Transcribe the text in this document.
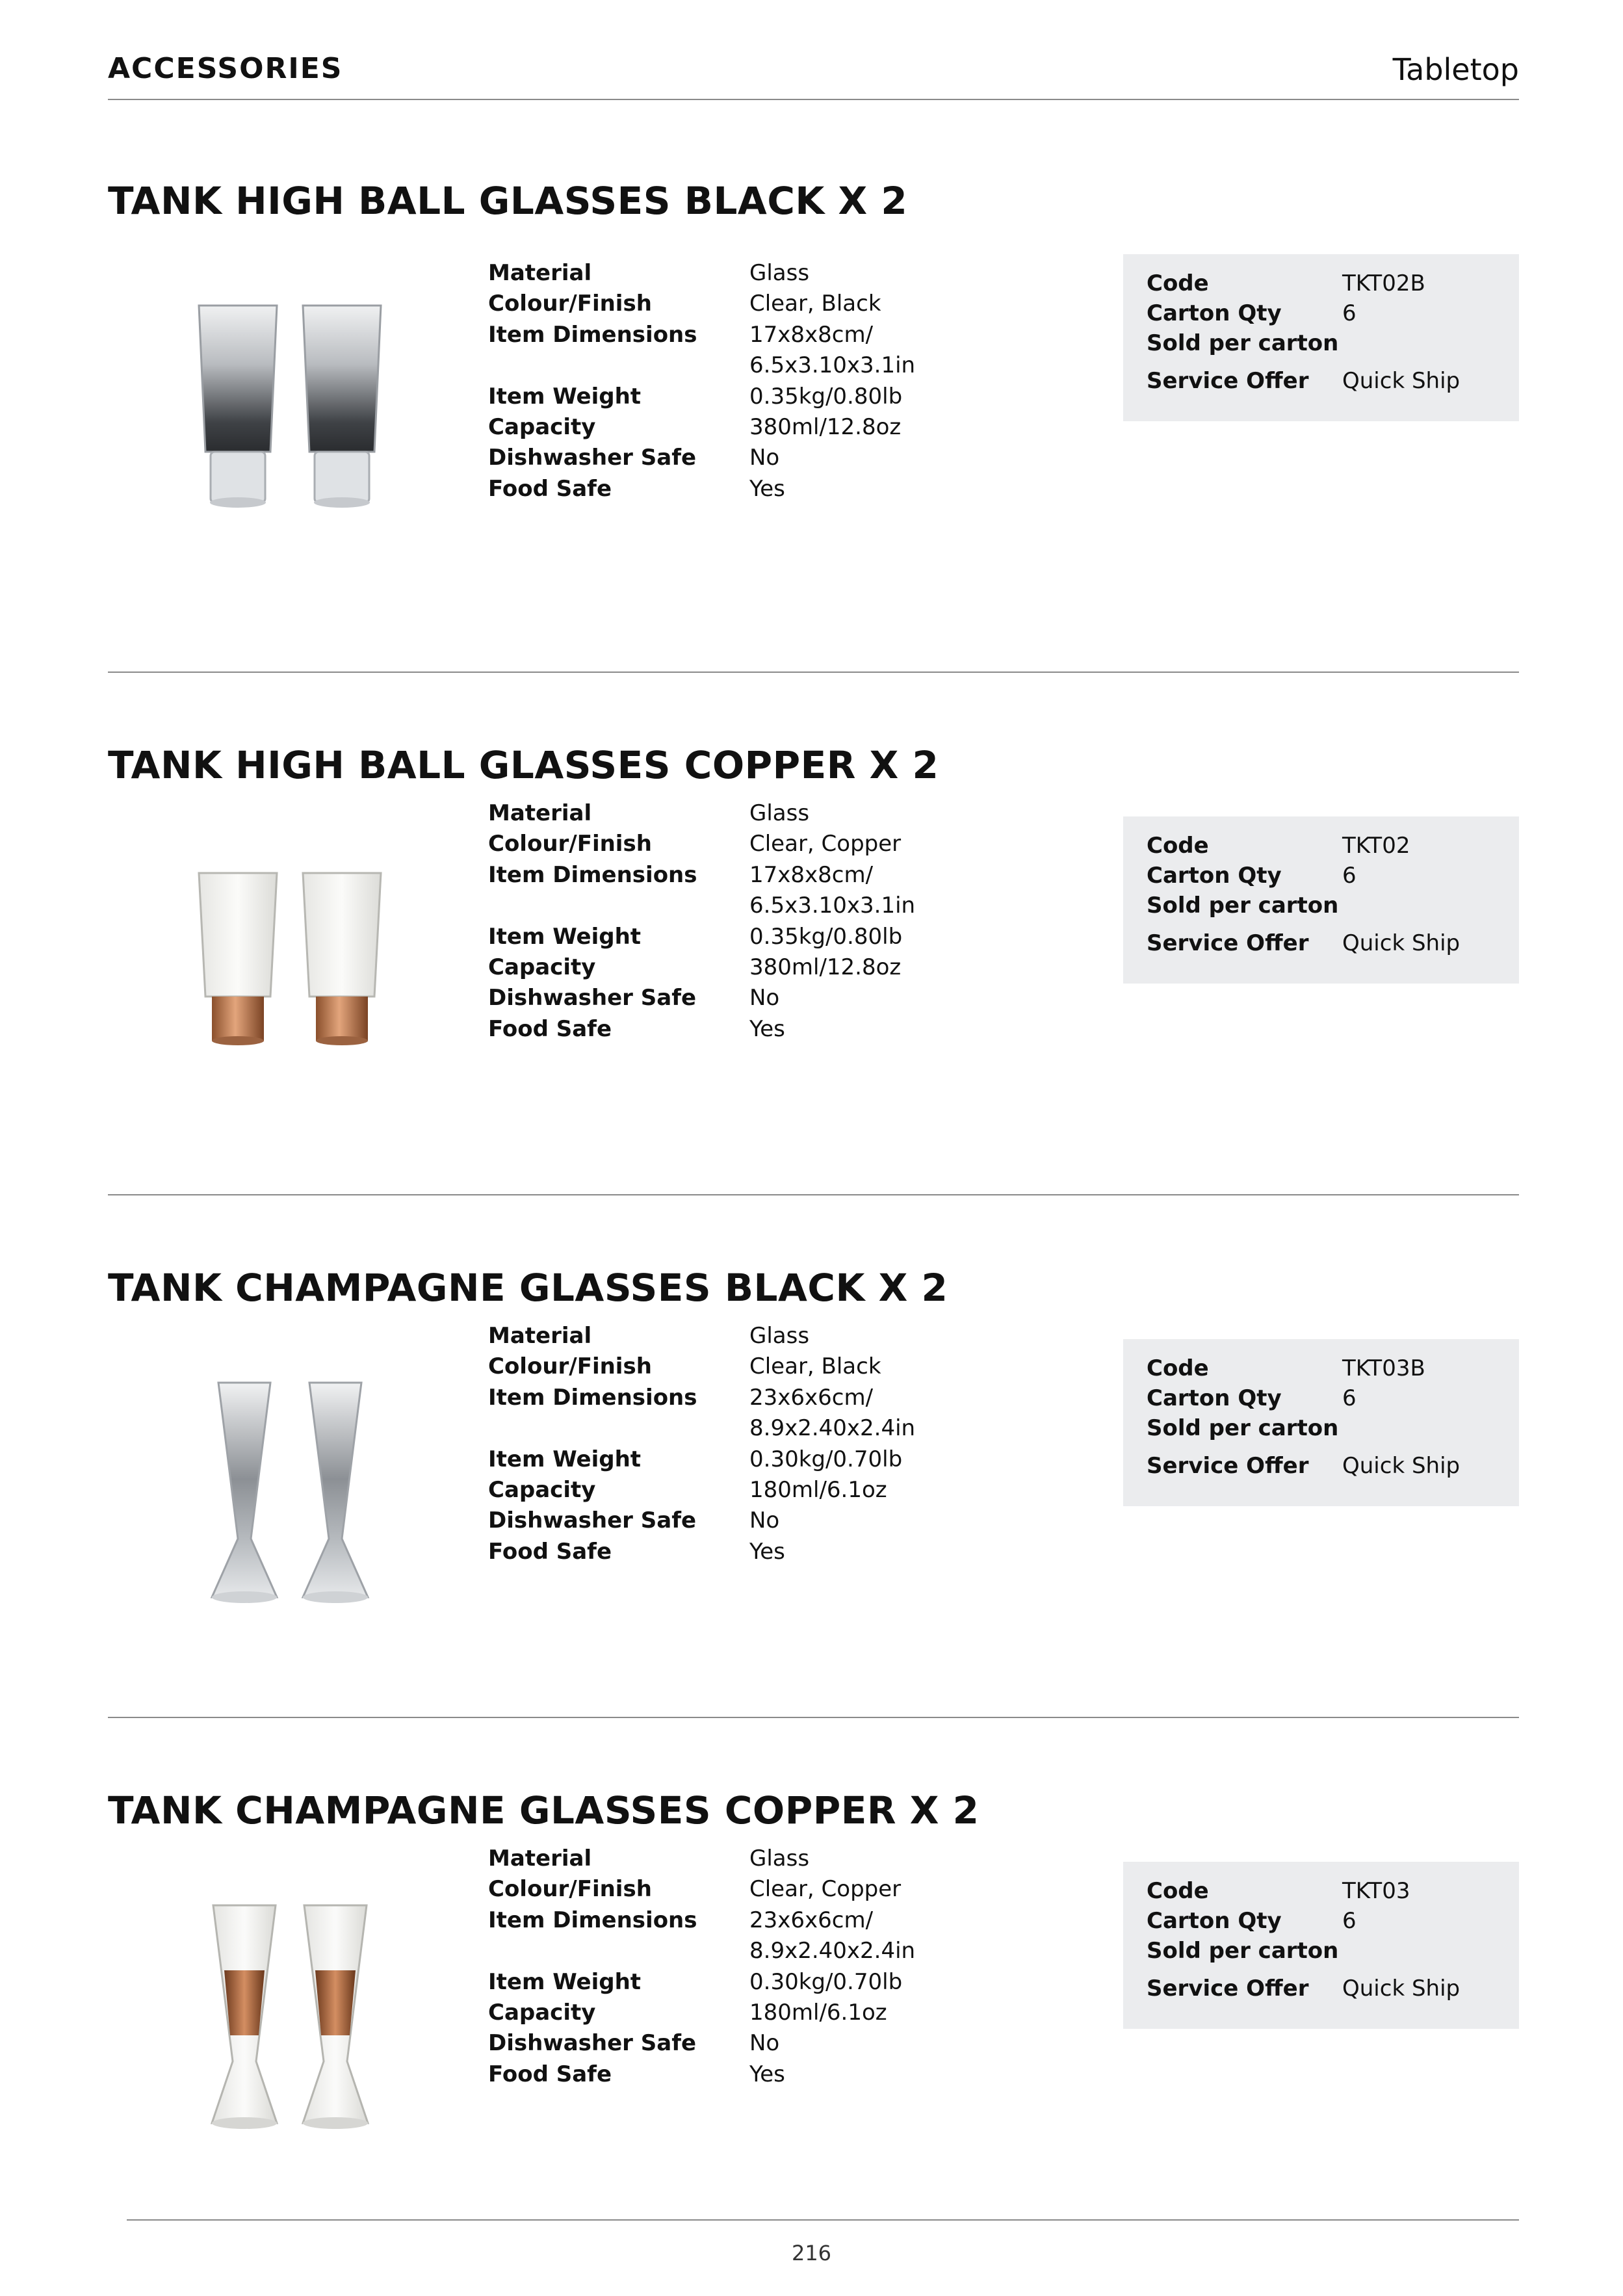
ACCESSORIES	Tabletop
TANK HIGH BALL GLASSES BLACK X 2
Material	Glass
Colour/Finish	Clear, Black
Item Dimensions	17x8x8cm/
6.5x3.10x3.1in
Item Weight	0.35kg/0.80lb
Capacity	380ml/12.8oz
Dishwasher Safe	No
Food Safe	Yes
Code	TKT02B
Carton Qty	6
Sold per carton
Service Offer	Quick Ship
TANK HIGH BALL GLASSES COPPER X 2
Material	Glass
Colour/Finish	Clear, Copper
Item Dimensions	17x8x8cm/
6.5x3.10x3.1in
Item Weight	0.35kg/0.80lb
Capacity	380ml/12.8oz
Dishwasher Safe	No
Food Safe	Yes
Code	TKT02
Carton Qty	6
Sold per carton
Service Offer	Quick Ship
TANK CHAMPAGNE GLASSES BLACK X 2
Material	Glass
Colour/Finish	Clear, Black
Item Dimensions	23x6x6cm/
8.9x2.40x2.4in
Item Weight	0.30kg/0.70lb
Capacity	180ml/6.1oz
Dishwasher Safe	No
Food Safe	Yes
Code	TKT03B
Carton Qty	6
Sold per carton
Service Offer	Quick Ship
TANK CHAMPAGNE GLASSES COPPER X 2
Material	Glass
Colour/Finish	Clear, Copper
Item Dimensions	23x6x6cm/
8.9x2.40x2.4in
Item Weight	0.30kg/0.70lb
Capacity	180ml/6.1oz
Dishwasher Safe	No
Food Safe	Yes
Code	TKT03
Carton Qty	6
Sold per carton
Service Offer	Quick Ship
216
